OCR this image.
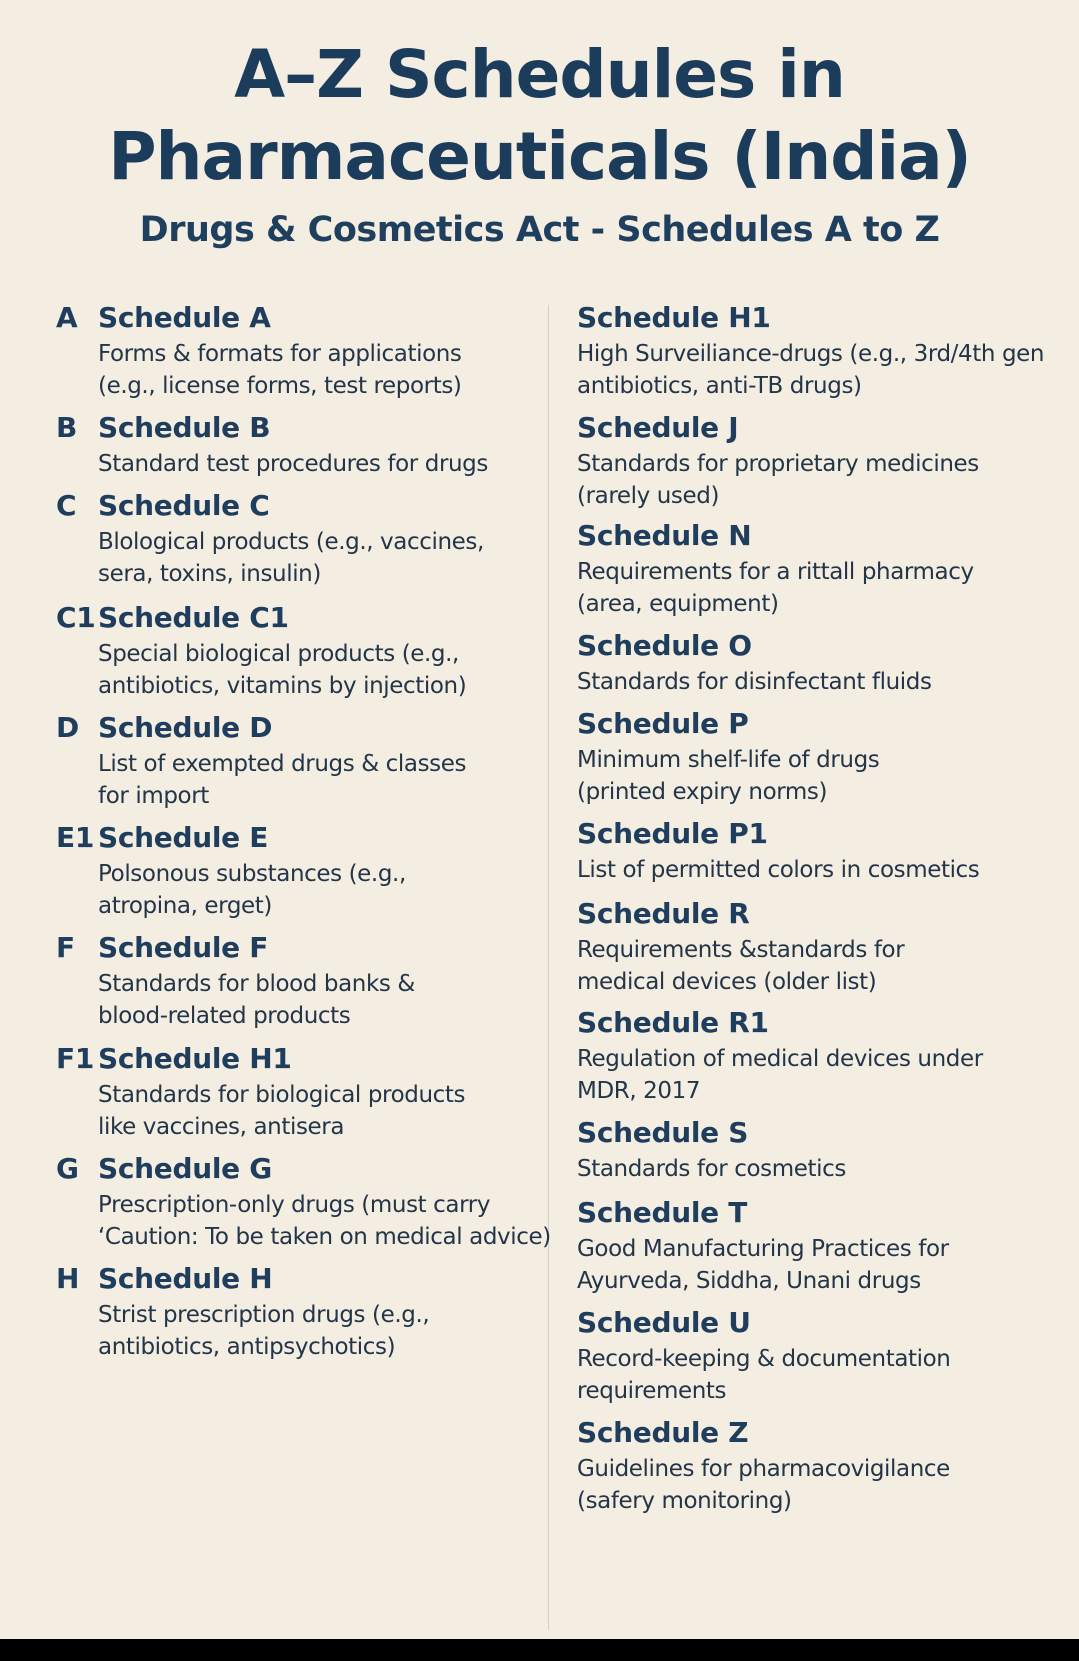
A–Z Schedules in
Pharmaceuticals (India)
Drugs & Cosmetics Act - Schedules A to Z
A Schedule A
Forms & formats for applications
(e.g., license forms, test reports)
B Schedule B
Standard test procedures for drugs
C Schedule C
Blological products (e.g., vaccines,
sera, toxins, insulin)
C1Schedule C1
Special biological products (e.g.,
antibiotics, vitamins by injection)
D Schedule D
List of exempted drugs & classes
for import
E1 Schedule E
Polsonous substances (e.g.,
atropina, erget)
F Schedule F
Standards for blood banks &
blood-related products
F1 Schedule H1
Standards for biological products
like vaccines, antisera
G Schedule G
Prescription-only drugs (must carry
‘Caution: To be taken on medical advice)
H Schedule H
Strist prescription drugs (e.g.,
antibiotics, antipsychotics)
Schedule H1
High Surveiliance-drugs (e.g., 3rd/4th gen
antibiotics, anti-TB drugs)
Schedule J
Standards for proprietary medicines
(rarely used)
Schedule N
Requirements for a rittall pharmacy
(area, equipment)
Schedule O
Standards for disinfectant fluids
Schedule P
Minimum shelf-life of drugs
(printed expiry norms)
Schedule P1
List of permitted colors in cosmetics
Schedule R
Requirements &standards for
medical devices (older list)
Schedule R1
Regulation of medical devices under
MDR, 2017
Schedule S
Standards for cosmetics
Schedule T
Good Manufacturing Practices for
Ayurveda, Siddha, Unani drugs
Schedule U
Record-keeping & documentation
requirements
Schedule Z
Guidelines for pharmacovigilance
(safery monitoring)
